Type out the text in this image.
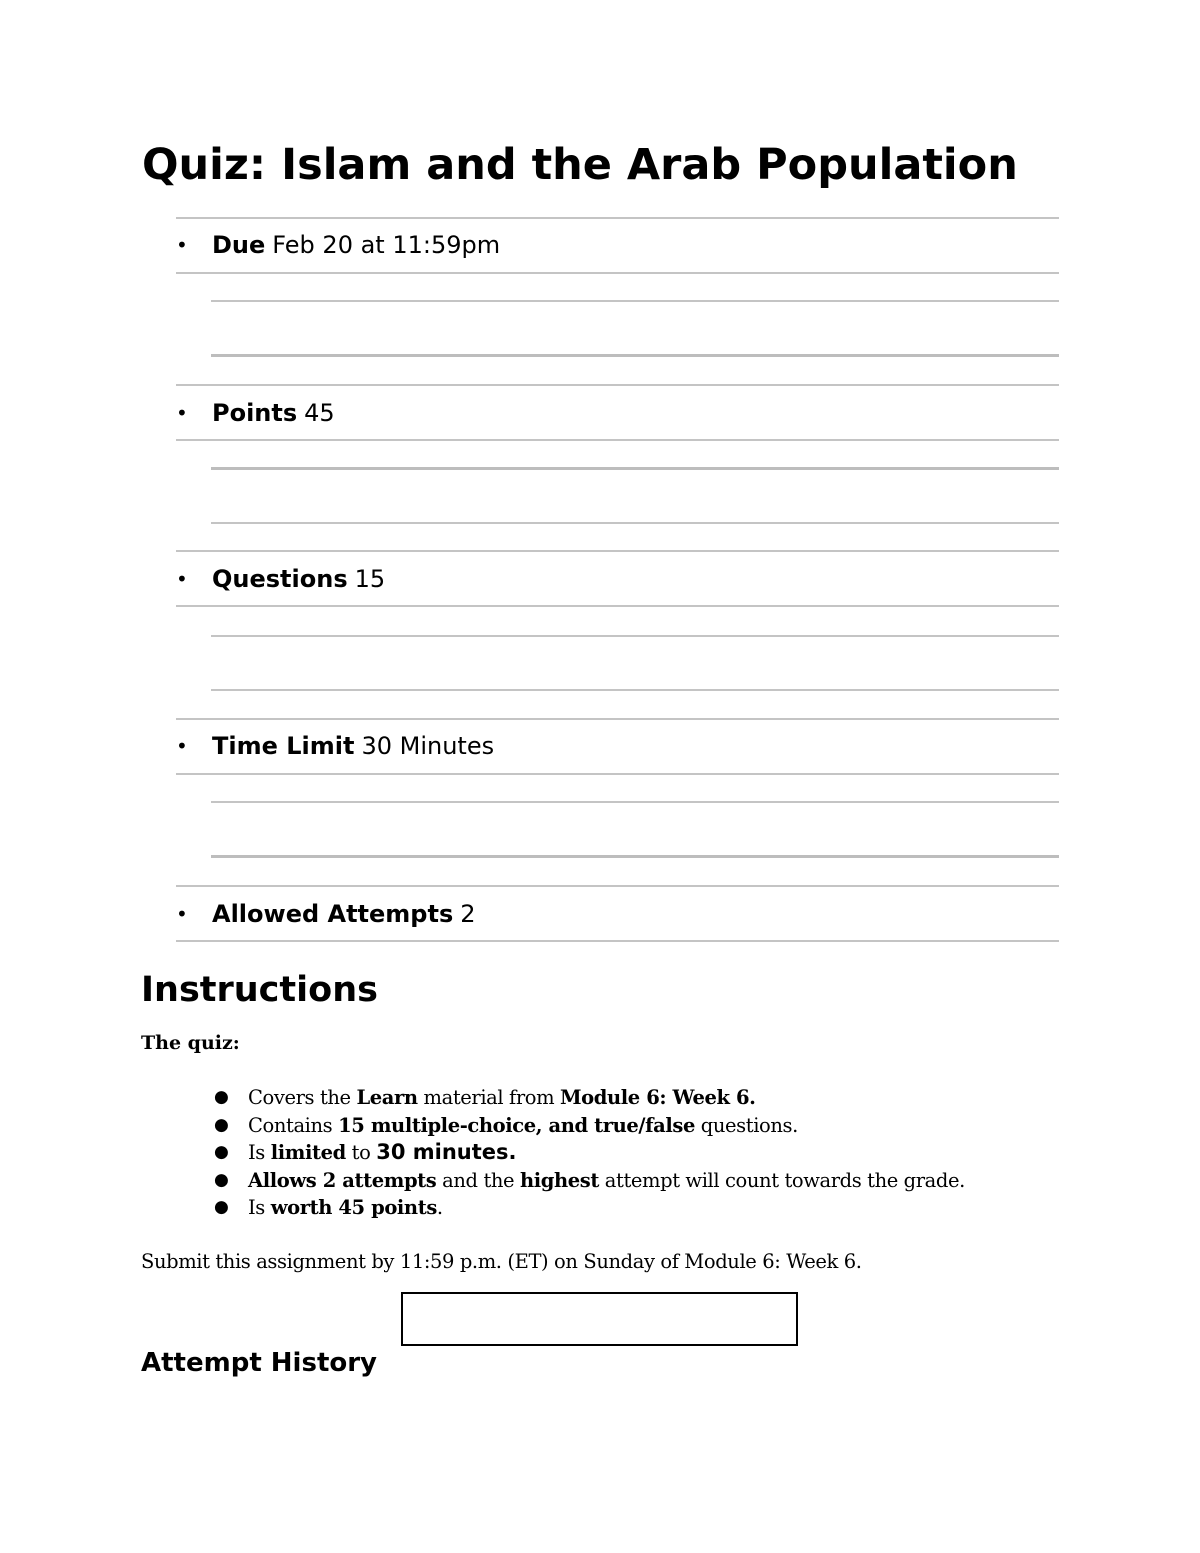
Quiz: Islam and the Arab Population
•	Due Feb 20 at 11:59pm
•	Points 45
•	Questions 15
•	Time Limit 30 Minutes
•	Allowed Attempts 2
Instructions
The quiz:
● Covers the Learn material from Module 6: Week 6.
● Contains 15 multiple-choice, and true/false questions.
● Is limited to 30 minutes.
● Allows 2 attempts and the highest attempt will count towards the grade.
● Is worth 45 points.
Submit this assignment by 11:59 p.m. (ET) on Sunday of Module 6: Week 6.
Attempt History
